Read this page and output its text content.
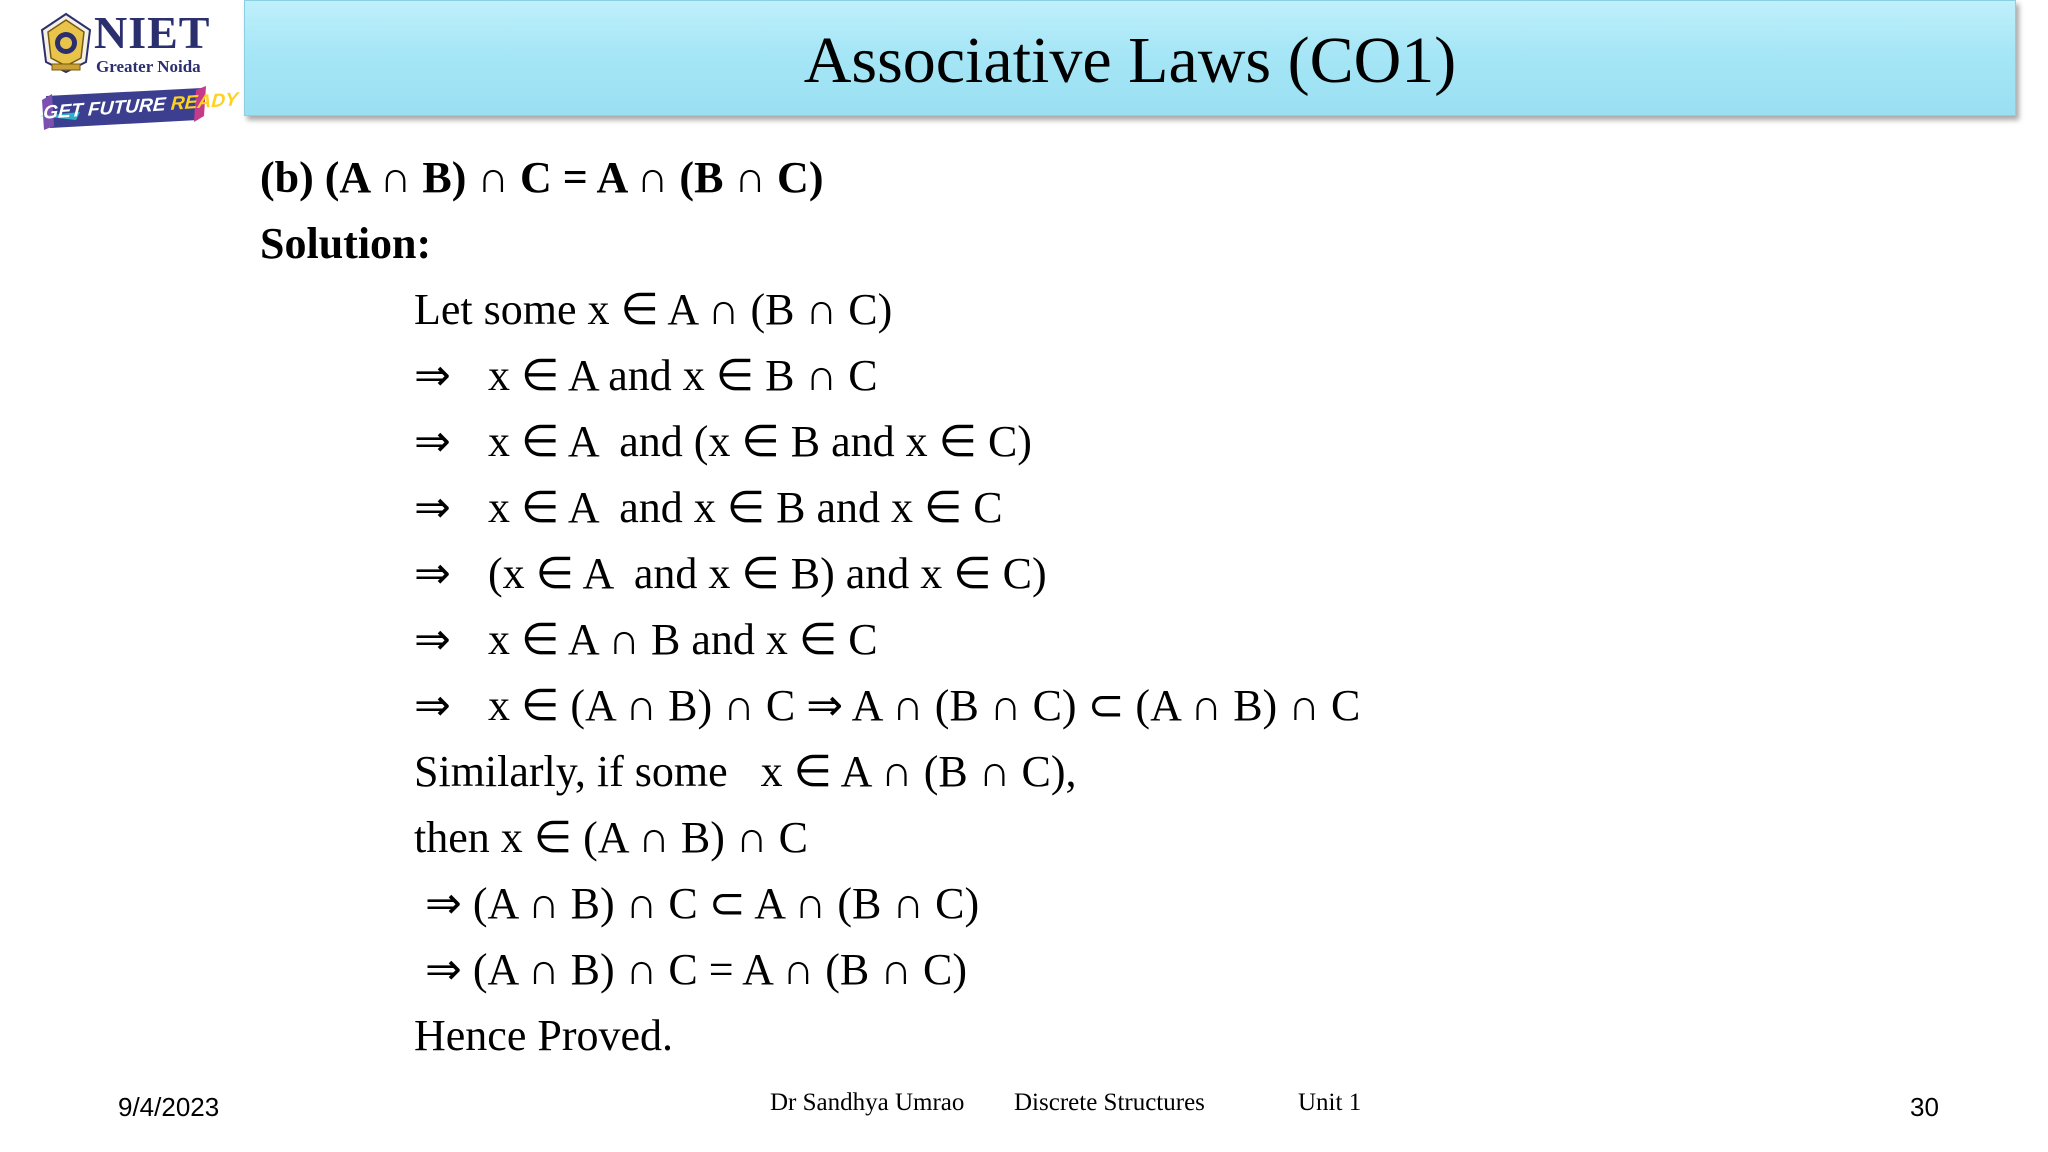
NIET
Greater Noida
GET FUTURE READY
Associative Laws (CO1)
(b) (A ∩ B) ∩ C = A ∩ (B ∩ C)
Solution:
Let some x ∈ A ∩ (B ∩ C)
⇒ x ∈ A and x ∈ B ∩ C
⇒ x ∈ A  and (x ∈ B and x ∈ C)
⇒ x ∈ A  and x ∈ B and x ∈ C
⇒ (x ∈ A  and x ∈ B) and x ∈ C)
⇒ x ∈ A ∩ B and x ∈ C
⇒ x ∈ (A ∩ B) ∩ C ⇒ A ∩ (B ∩ C) ⊂ (A ∩ B) ∩ C
Similarly, if some   x ∈ A ∩ (B ∩ C),
then x ∈ (A ∩ B) ∩ C
⇒ (A ∩ B) ∩ C ⊂ A ∩ (B ∩ C)
⇒ (A ∩ B) ∩ C = A ∩ (B ∩ C)
Hence Proved.
9/4/2023	Dr Sandhya Umrao Discrete Structures	Unit 1	30
